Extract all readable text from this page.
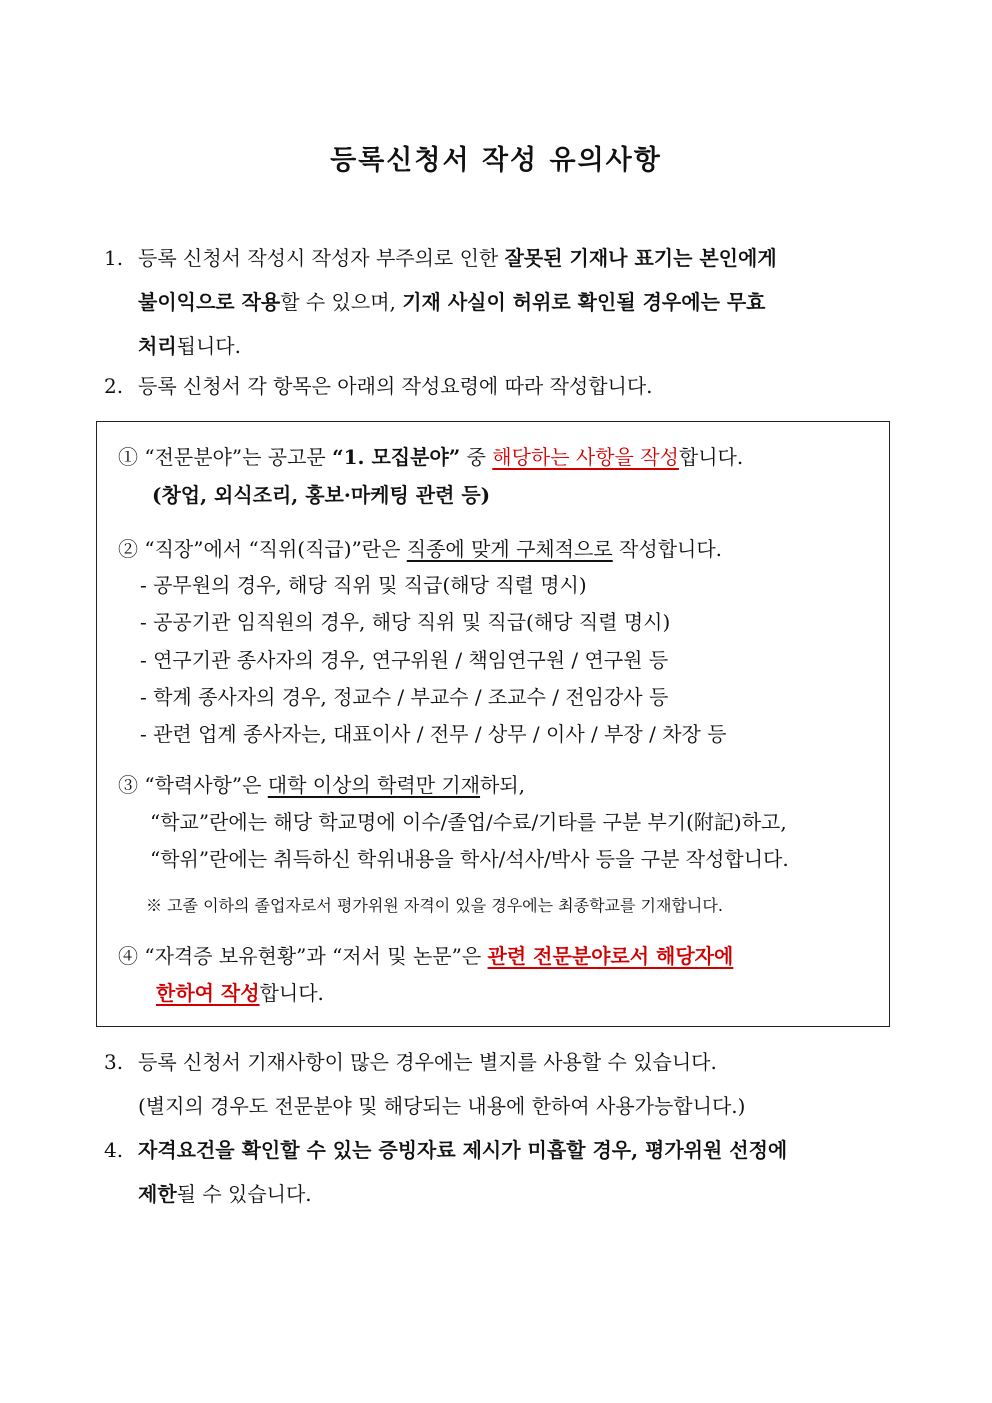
등록신청서 작성 유의사항
1. 등록 신청서 작성시 작성자 부주의로 인한 잘못된 기재나 표기는 본인에게
불이익으로 작용할 수 있으며, 기재 사실이 허위로 확인될 경우에는 무효
처리됩니다.
2. 등록 신청서 각 항목은 아래의 작성요령에 따라 작성합니다.
① “전문분야”는 공고문 “1. 모집분야” 중 해당하는 사항을 작성합니다.
(창업, 외식조리, 홍보·마케팅 관련 등)
② “직장”에서 “직위(직급)”란은 직종에 맞게 구체적으로 작성합니다.
- 공무원의 경우, 해당 직위 및 직급(해당 직렬 명시)
- 공공기관 임직원의 경우, 해당 직위 및 직급(해당 직렬 명시)
- 연구기관 종사자의 경우, 연구위원 / 책임연구원 / 연구원 등
- 학계 종사자의 경우, 정교수 / 부교수 / 조교수 / 전임강사 등
- 관련 업계 종사자는, 대표이사 / 전무 / 상무 / 이사 / 부장 / 차장 등
③ “학력사항”은 대학 이상의 학력만 기재하되,
“학교”란에는 해당 학교명에 이수/졸업/수료/기타를 구분 부기(附記)하고,
“학위”란에는 취득하신 학위내용을 학사/석사/박사 등을 구분 작성합니다.
※ 고졸 이하의 졸업자로서 평가위원 자격이 있을 경우에는 최종학교를 기재합니다.
④ “자격증 보유현황”과 “저서 및 논문”은 관련 전문분야로서 해당자에
한하여 작성합니다.
3. 등록 신청서 기재사항이 많은 경우에는 별지를 사용할 수 있습니다.
(별지의 경우도 전문분야 및 해당되는 내용에 한하여 사용가능합니다.)
4. 자격요건을 확인할 수 있는 증빙자료 제시가 미흡할 경우, 평가위원 선정에
제한될 수 있습니다.
